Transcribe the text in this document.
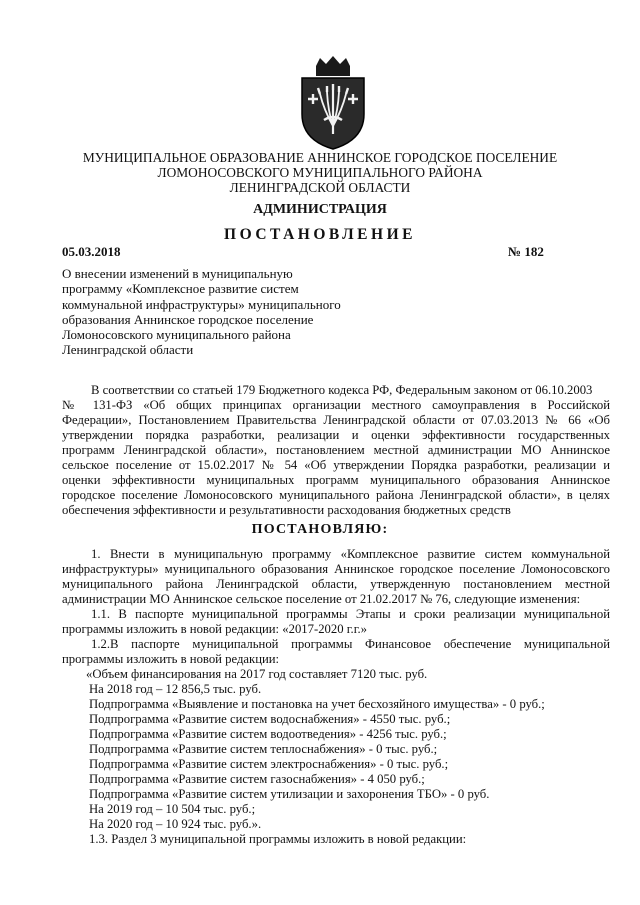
МУНИЦИПАЛЬНОЕ ОБРАЗОВАНИЕ АННИНСКОЕ ГОРОДСКОЕ ПОСЕЛЕНИЕ
ЛОМОНОСОВСКОГО МУНИЦИПАЛЬНОГО РАЙОНА
ЛЕНИНГРАДСКОЙ ОБЛАСТИ
АДМИНИСТРАЦИЯ
ПОСТАНОВЛЕНИЕ
05.03.2018	№ 182
О внесении изменений в муниципальную
программу «Комплексное развитие систем
коммунальной инфраструктуры» муниципального
образования Аннинское городское поселение
Ломоносовского муниципального района
Ленинградской области
В соответствии со статьей 179 Бюджетного кодекса РФ, Федеральным законом от 06.10.2003
№ 131-ФЗ «Об общих принципах организации местного самоуправления в Российской
Федерации», Постановлением Правительства Ленинградской области от 07.03.2013 № 66 «Об
утверждении порядка разработки, реализации и оценки эффективности государственных
программ Ленинградской области», постановлением местной администрации МО Аннинское
сельское поселение от 15.02.2017 № 54 «Об утверждении Порядка разработки, реализации и
оценки эффективности муниципальных программ муниципального образования Аннинское
городское поселение Ломоносовского муниципального района Ленинградской области», в целях
обеспечения эффективности и результативности расходования бюджетных средств
ПОСТАНОВЛЯЮ:
1. Внести в муниципальную программу «Комплексное развитие систем коммунальной
инфраструктуры» муниципального образования Аннинское городское поселение Ломоносовского
муниципального района Ленинградской области, утвержденную постановлением местной
администрации МО Аннинское сельское поселение от 21.02.2017 № 76, следующие изменения:
1.1. В паспорте муниципальной программы Этапы и сроки реализации муниципальной
программы изложить в новой редакции: «2017-2020 г.г.»
1.2.В паспорте муниципальной программы Финансовое обеспечение муниципальной
программы изложить в новой редакции:
«Объем финансирования на 2017 год составляет 7120 тыс. руб.
На 2018 год – 12 856,5 тыс. руб.
Подпрограмма «Выявление и постановка на учет бесхозяйного имущества» - 0 руб.;
Подпрограмма «Развитие систем водоснабжения» - 4550 тыс. руб.;
Подпрограмма «Развитие систем водоотведения» - 4256 тыс. руб.;
Подпрограмма «Развитие систем теплоснабжения» - 0 тыс. руб.;
Подпрограмма «Развитие систем электроснабжения» - 0 тыс. руб.;
Подпрограмма «Развитие систем газоснабжения» - 4 050 руб.;
Подпрограмма «Развитие систем утилизации и захоронения ТБО» - 0 руб.
На 2019 год – 10 504 тыс. руб.;
На 2020 год – 10 924 тыс. руб.».
1.3. Раздел 3 муниципальной программы изложить в новой редакции:
